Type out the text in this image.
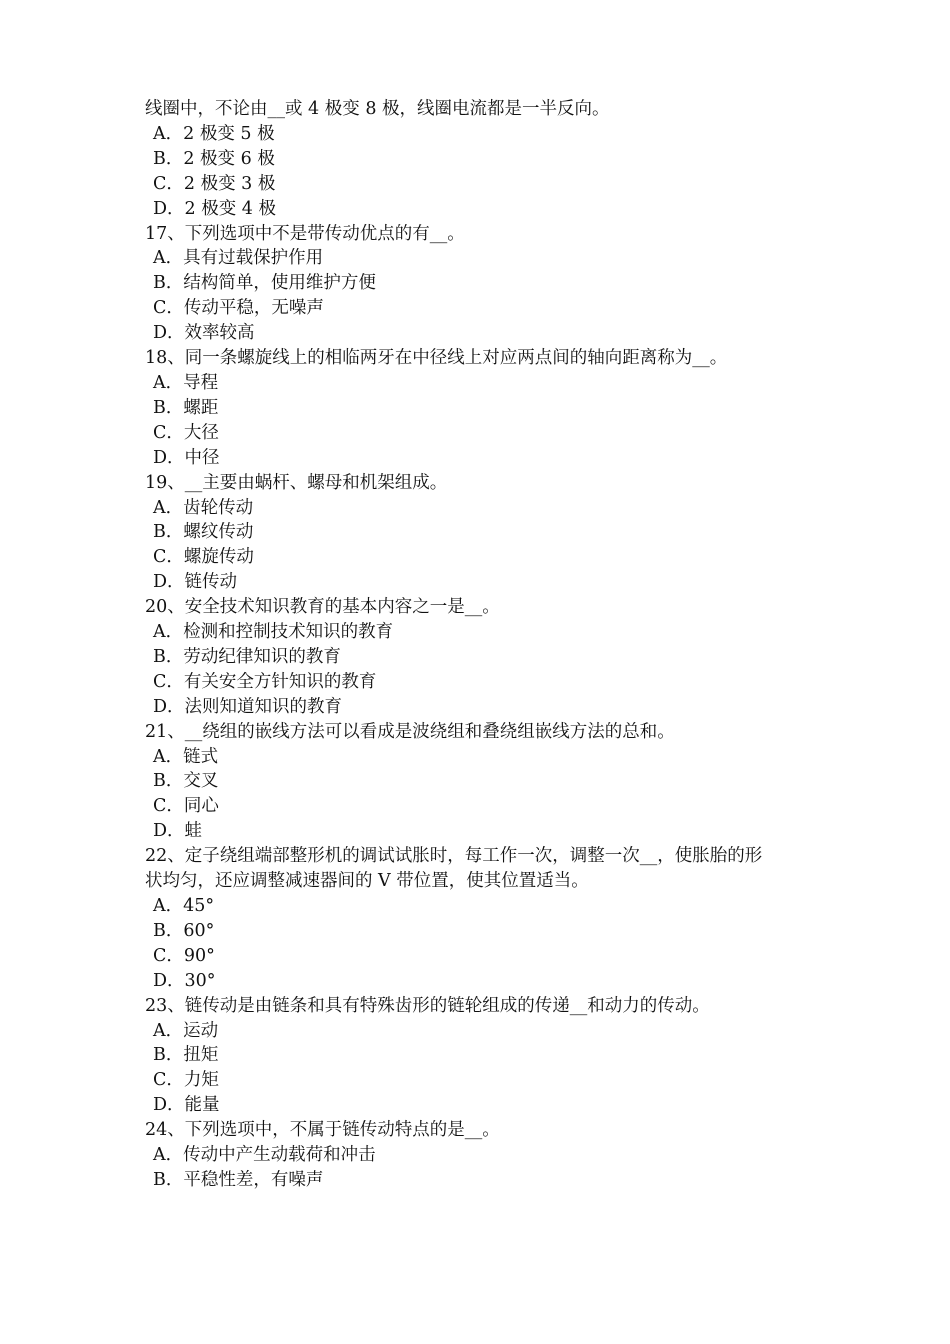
线圈中，不论由__或 4 极变 8 极，线圈电流都是一半反向。
A．2 极变 5 极
B．2 极变 6 极
C．2 极变 3 极
D．2 极变 4 极
17、下列选项中不是带传动优点的有__。
A．具有过载保护作用
B．结构简单，使用维护方便
C．传动平稳，无噪声
D．效率较高
18、同一条螺旋线上的相临两牙在中径线上对应两点间的轴向距离称为__。
A．导程
B．螺距
C．大径
D．中径
19、__主要由蜗杆、螺母和机架组成。
A．齿轮传动
B．螺纹传动
C．螺旋传动
D．链传动
20、安全技术知识教育的基本内容之一是__。
A．检测和控制技术知识的教育
B．劳动纪律知识的教育
C．有关安全方针知识的教育
D．法则知道知识的教育
21、__绕组的嵌线方法可以看成是波绕组和叠绕组嵌线方法的总和。
A．链式
B．交叉
C．同心
D．蛙
22、定子绕组端部整形机的调试试胀时，每工作一次，调整一次__，使胀胎的形
状均匀，还应调整减速器间的 V 带位置，使其位置适当。
A．45°
B．60°
C．90°
D．30°
23、链传动是由链条和具有特殊齿形的链轮组成的传递__和动力的传动。
A．运动
B．扭矩
C．力矩
D．能量
24、下列选项中，不属于链传动特点的是__。
A．传动中产生动载荷和冲击
B．平稳性差，有噪声
